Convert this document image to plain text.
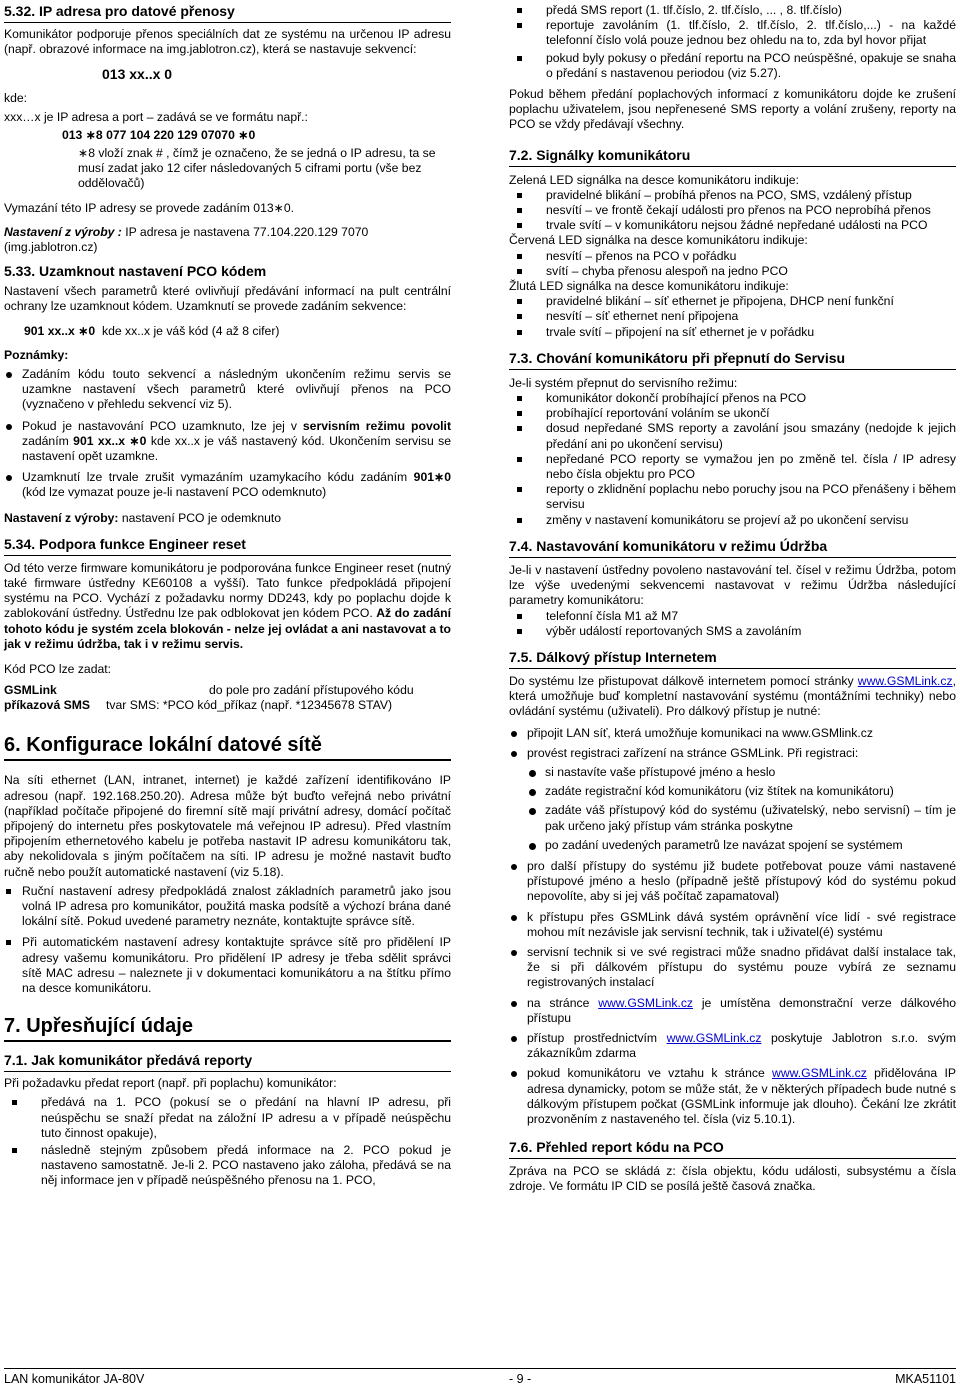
5.32. IP adresa pro datové přenosy

Komunikátor podporuje přenos speciálních dat ze systému na určenou IP adresu (např. obrazové informace na img.jablotron.cz), která se nastavuje sekvencí:

013 xx..x 0

kde:

xxx…x je IP adresa a port – zadává se ve formátu např.:

013 ∗8 077 104 220 129 07070 ∗0

∗8 vloží znak # , čímž je označeno, že se jedná o IP adresu, ta se musí zadat jako 12 cifer následovaných 5 ciframi portu (vše bez oddělovačů)

Vymazání této IP adresy se provede zadáním 013∗0.

Nastavení z výroby : IP adresa je nastavena 77.104.220.129 7070 (img.jablotron.cz)

5.33. Uzamknout nastavení PCO kódem

Nastavení všech parametrů které ovlivňují předávání informací na pult centrální ochrany lze uzamknout kódem. Uzamknutí se provede zadáním sekvence:

901 xx..x ∗0 kde xx..x je váš kód (4 až 8 cifer)

Poznámky:

Zadáním kódu touto sekvencí a následným ukončením režimu servis se uzamkne nastavení všech parametrů které ovlivňují přenos na PCO (vyznačeno v přehledu sekvencí viz 5).
Pokud je nastavování PCO uzamknuto, lze jej v servisním režimu povolit zadáním 901 xx..x ∗0 kde xx..x je váš nastavený kód. Ukončením servisu se nastavení opět uzamkne.
Uzamknutí lze trvale zrušit vymazáním uzamykacího kódu zadáním 901∗0 (kód lze vymazat pouze je-li nastavení PCO odemknuto)

Nastavení z výroby: nastavení PCO je odemknuto

5.34. Podpora funkce Engineer reset

Od této verze firmware komunikátoru je podporována funkce Engineer reset (nutný také firmware ústředny KE60108 a vyšší). Tato funkce předpokládá připojení systému na PCO. Vychází z požadavku normy DD243, kdy po poplachu dojde k zablokování ústředny. Ústřednu lze pak odblokovat jen kódem PCO. Až do zadání tohoto kódu je systém zcela blokován - nelze jej ovládat a ani nastavovat a to jak v režimu údržba, tak i v režimu servis.

Kód PCO lze zadat:

GSMLink	do pole pro zadání přístupového kódu
příkazová SMS tvar SMS: *PCO kód_příkaz (např. *12345678 STAV)
6. Konfigurace lokální datové sítě

Na síti ethernet (LAN, intranet, internet) je každé zařízení identifikováno IP adresou (např. 192.168.250.20). Adresa může být buďto veřejná nebo privátní (například počítače připojené do firemní sítě mají privátní adresy, domácí počítač připojený do internetu přes poskytovatele má veřejnou IP adresu). Před vlastním připojením ethernetového kabelu je potřeba nastavit IP adresu komunikátoru tak, aby nekolidovala s jiným počítačem na síti. IP adresu je možné nastavit buďto ručně nebo použít automatické nastavení (viz 5.18).

Ruční nastavení adresy předpokládá znalost základních parametrů jako jsou volná IP adresa pro komunikátor, použitá maska podsítě a výchozí brána dané lokální sítě. Pokud uvedené parametry neznáte, kontaktujte správce sítě.
Při automatickém nastavení adresy kontaktujte správce sítě pro přidělení IP adresy vašemu komunikátoru. Pro přidělení IP adresy je třeba sdělit správci sítě MAC adresu – naleznete ji v dokumentaci komunikátoru a na štítku přímo na desce komunikátoru.
7. Upřesňující údaje
7.1. Jak komunikátor předává reporty

Při požadavku předat report (např. při poplachu) komunikátor:

předává na 1. PCO (pokusí se o předání na hlavní IP adresu, při neúspěchu se snaží předat na záložní IP adresu a v případě neúspěchu tuto činnost opakuje),
následně stejným způsobem předá informace na 2. PCO pokud je nastaveno samostatně. Je-li 2. PCO nastaveno jako záloha, předává se na něj informace jen v případě neúspěšného přenosu na 1. PCO,
předá SMS report (1. tlf.číslo, 2. tlf.číslo, ... , 8. tlf.číslo)
reportuje zavoláním (1. tlf.číslo, 2. tlf.číslo, 2. tlf.číslo,...) - na každé telefonní číslo volá pouze jednou bez ohledu na to, zda byl hovor přijat
pokud byly pokusy o předání reportu na PCO neúspěšné, opakuje se snaha o předání s nastavenou periodou (viz 5.27).

Pokud během předání poplachových informací z komunikátoru dojde ke zrušení poplachu uživatelem, jsou nepřenesené SMS reporty a volání zrušeny, reporty na PCO se vždy předávají všechny.

7.2. Signálky komunikátoru

Zelená LED signálka na desce komunikátoru indikuje:

pravidelné blikání – probíhá přenos na PCO, SMS, vzdálený přístup
nesvítí – ve frontě čekají události pro přenos na PCO neprobíhá přenos
trvale svítí – v komunikátoru nejsou žádné nepředané události na PCO

Červená LED signálka na desce komunikátoru indikuje:

nesvítí – přenos na PCO v pořádku
svítí – chyba přenosu alespoň na jedno PCO

Žlutá LED signálka na desce komunikátoru indikuje:

pravidelné blikání – síť ethernet je připojena, DHCP není funkční
nesvítí – síť ethernet není připojena
trvale svítí – připojení na síť ethernet je v pořádku
7.3. Chování komunikátoru při přepnutí do Servisu

Je-li systém přepnut do servisního režimu:

komunikátor dokončí probíhající přenos na PCO
probíhající reportování voláním se ukončí
dosud nepředané SMS reporty a zavolání jsou smazány (nedojde k jejich předání ani po ukončení servisu)
nepředané PCO reporty se vymažou jen po změně tel. čísla / IP adresy nebo čísla objektu pro PCO
reporty o zklidnění poplachu nebo poruchy jsou na PCO přenášeny i během servisu
změny v nastavení komunikátoru se projeví až po ukončení servisu
7.4. Nastavování komunikátoru v režimu Údržba

Je-li v nastavení ústředny povoleno nastavování tel. čísel v režimu Údržba, potom lze výše uvedenými sekvencemi nastavovat v režimu Údržba následující parametry komunikátoru:

telefonní čísla M1 až M7
výběr událostí reportovaných SMS a zavoláním
7.5. Dálkový přístup Internetem

Do systému lze přistupovat dálkově internetem pomocí stránky www.GSMLink.cz, která umožňuje buď kompletní nastavování systému (montážními techniky) nebo ovládání systému (uživateli). Pro dálkový přístup je nutné:

připojit LAN síť, která umožňuje komunikaci na www.GSMlink.cz
provést registraci zařízení na stránce GSMLink. Při registraci:
si nastavíte vaše přístupové jméno a heslo
zadáte registrační kód komunikátoru (viz štítek na komunikátoru)
zadáte váš přístupový kód do systému (uživatelský, nebo servisní) – tím je pak určeno jaký přístup vám stránka poskytne
po zadání uvedených parametrů lze navázat spojení se systémem
pro další přístupy do systému již budete potřebovat pouze vámi nastavené přístupové jméno a heslo (případně ještě přístupový kód do systému pokud nepovolíte, aby si jej váš počítač zapamatoval)
k přístupu přes GSMLink dává systém oprávnění více lidí - své registrace mohou mít nezávisle jak servisní technik, tak i uživatel(é) systému
servisní technik si ve své registraci může snadno přidávat další instalace tak, že si při dálkovém přístupu do systému pouze vybírá ze seznamu registrovaných instalací
na stránce www.GSMLink.cz je umístěna demonstrační verze dálkového přístupu
přístup prostřednictvím www.GSMLink.cz poskytuje Jablotron s.r.o. svým zákazníkům zdarma
pokud komunikátoru ve vztahu k stránce www.GSMLink.cz přidělována IP adresa dynamicky, potom se může stát, že v některých případech bude nutné s dálkovým přístupem počkat (GSMLink informuje jak dlouho). Čekání lze zkrátit prozvoněním z nastaveného tel. čísla (viz 5.10.1).
7.6. Přehled report kódu na PCO

Zpráva na PCO se skládá z: čísla objektu, kódu události, subsystému a čísla zdroje. Ve formátu IP CID se posílá ještě časová značka.

LAN komunikátor JA-80V	- 9 -	MKA51101
